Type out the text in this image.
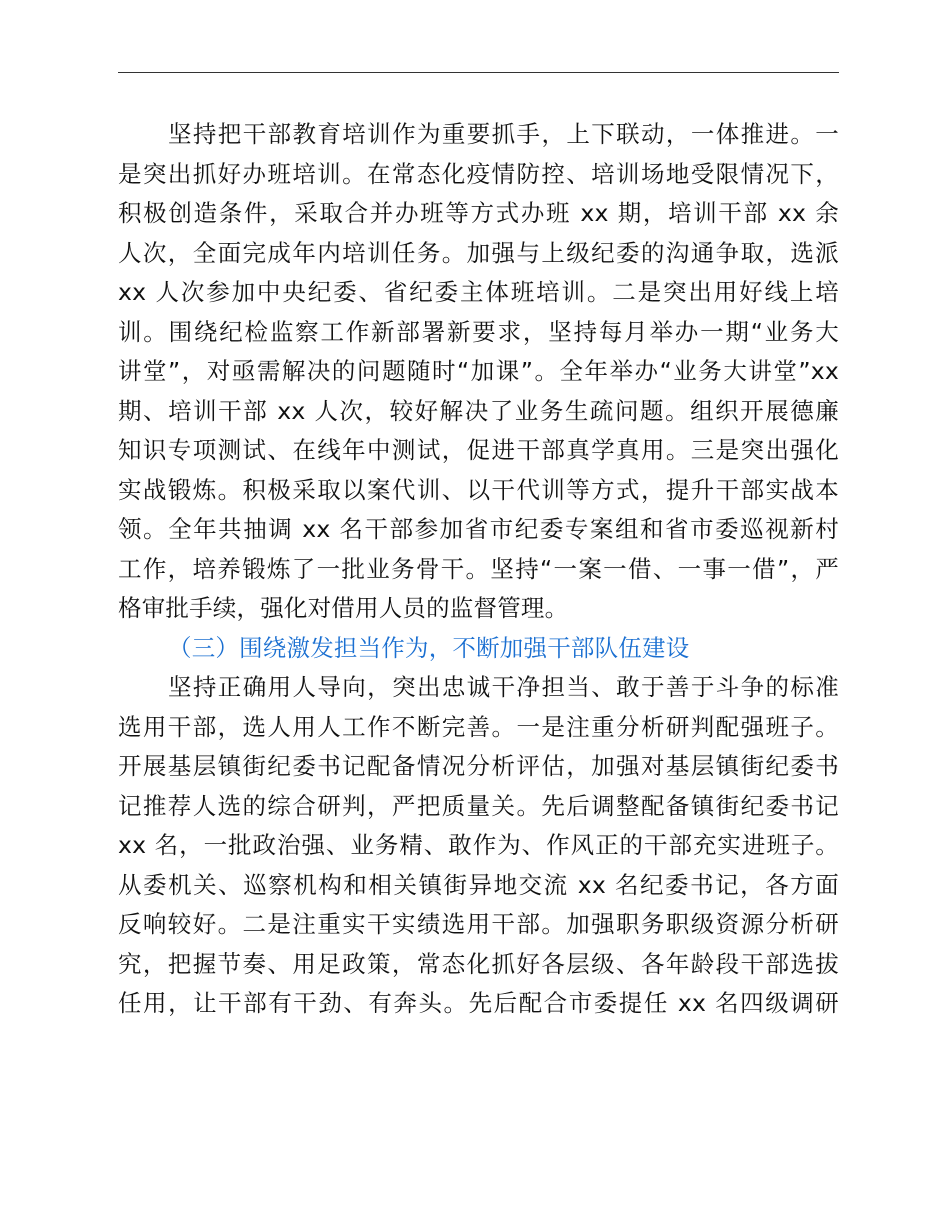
坚持把干部教育培训作为重要抓手，上下联动，一体推进。一
是突出抓好办班培训。在常态化疫情防控、培训场地受限情况下，
积极创造条件，采取合并办班等方式办班 xx 期，培训干部 xx 余
人次，全面完成年内培训任务。加强与上级纪委的沟通争取，选派
xx 人次参加中央纪委、省纪委主体班培训。二是突出用好线上培
训。围绕纪检监察工作新部署新要求，坚持每月举办一期“业务大
讲堂”，对亟需解决的问题随时“加课”。全年举办“业务大讲堂”xx
期、培训干部 xx 人次，较好解决了业务生疏问题。组织开展德廉
知识专项测试、在线年中测试，促进干部真学真用。三是突出强化
实战锻炼。积极采取以案代训、以干代训等方式，提升干部实战本
领。全年共抽调 xx 名干部参加省市纪委专案组和省市委巡视新村
工作，培养锻炼了一批业务骨干。坚持“一案一借、一事一借”，严
格审批手续，强化对借用人员的监督管理。
（三）围绕激发担当作为，不断加强干部队伍建设
坚持正确用人导向，突出忠诚干净担当、敢于善于斗争的标准
选用干部，选人用人工作不断完善。一是注重分析研判配强班子。
开展基层镇街纪委书记配备情况分析评估，加强对基层镇街纪委书
记推荐人选的综合研判，严把质量关。先后调整配备镇街纪委书记
xx 名，一批政治强、业务精、敢作为、作风正的干部充实进班子。
从委机关、巡察机构和相关镇街异地交流 xx 名纪委书记，各方面
反响较好。二是注重实干实绩选用干部。加强职务职级资源分析研
究，把握节奏、用足政策，常态化抓好各层级、各年龄段干部选拔
任用，让干部有干劲、有奔头。先后配合市委提任 xx 名四级调研
